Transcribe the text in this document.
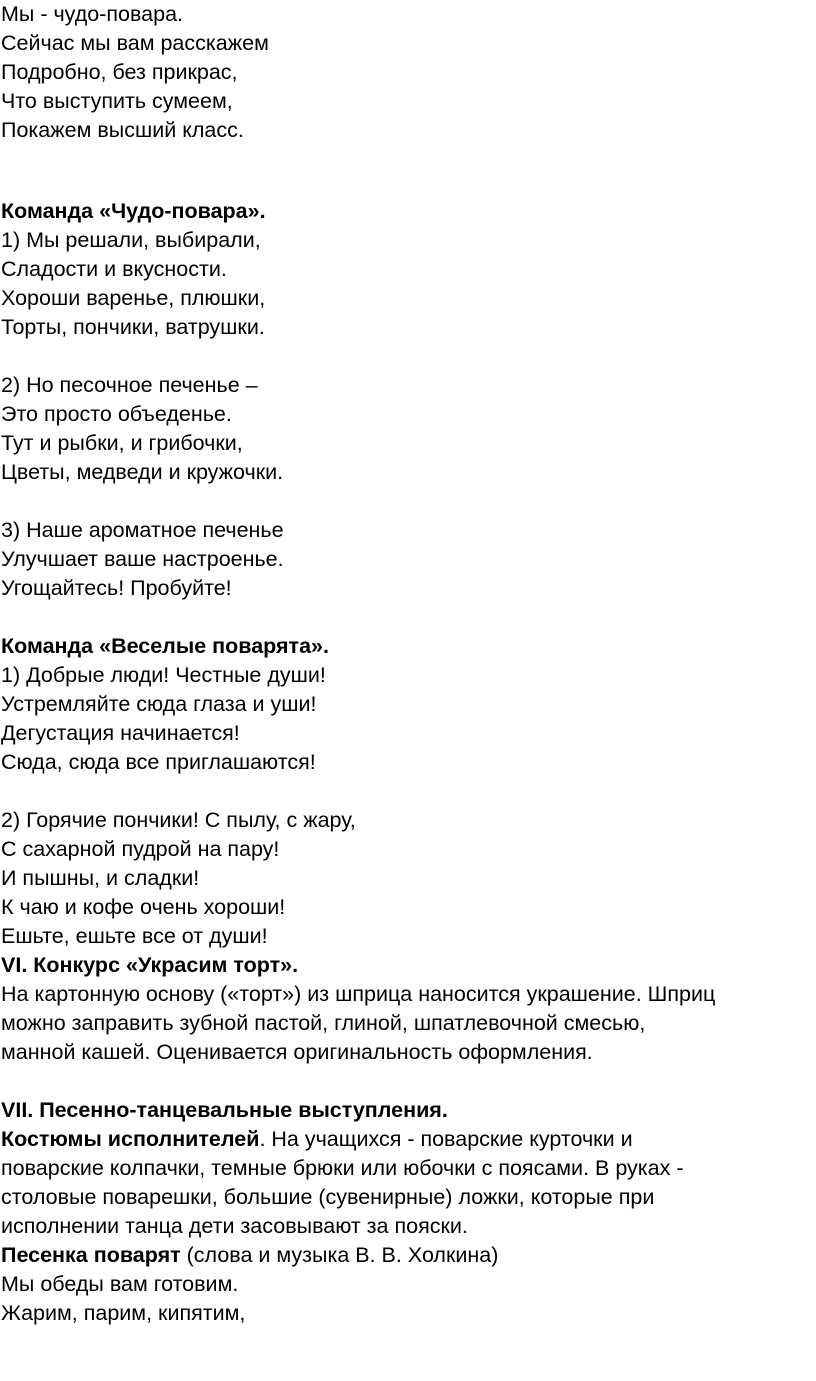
Мы - чудо-повара.
Сейчас мы вам расскажем
Подробно, без прикрас,
Что выступить сумеем,
Покажем высший класс.
Команда «Чудо-повара».
1) Мы решали, выбирали,
Сладости и вкусности.
Хороши варенье, плюшки,
Торты, пончики, ватрушки.
2) Но песочное печенье –
Это просто объеденье.
Тут и рыбки, и грибочки,
Цветы, медведи и кружочки.
3) Наше ароматное печенье
Улучшает ваше настроенье.
Угощайтесь! Пробуйте!
Команда «Веселые поварята».
1) Добрые люди! Честные души!
Устремляйте сюда глаза и уши!
Дегустация начинается!
Сюда, сюда все приглашаются!
2) Горячие пончики! С пылу, с жару,
С сахарной пудрой на пару!
И пышны, и сладки!
К чаю и кофе очень хороши!
Ешьте, ешьте все от души!
VI. Конкурс «Украсим торт».
На картонную основу («торт») из шприца наносится украшение. Шприц
можно заправить зубной пастой, глиной, шпатлевочной смесью,
манной кашей. Оценивается оригинальность оформления.
VII. Песенно-танцевальные выступления.
Костюмы исполнителей. На учащихся - поварские курточки и
поварские колпачки, темные брюки или юбочки с поясами. В руках -
столовые поварешки, большие (сувенирные) ложки, которые при
исполнении танца дети засовывают за пояски.
Песенка поварят (слова и музыка В. В. Холкина)
Мы обеды вам готовим.
Жарим, парим, кипятим,
